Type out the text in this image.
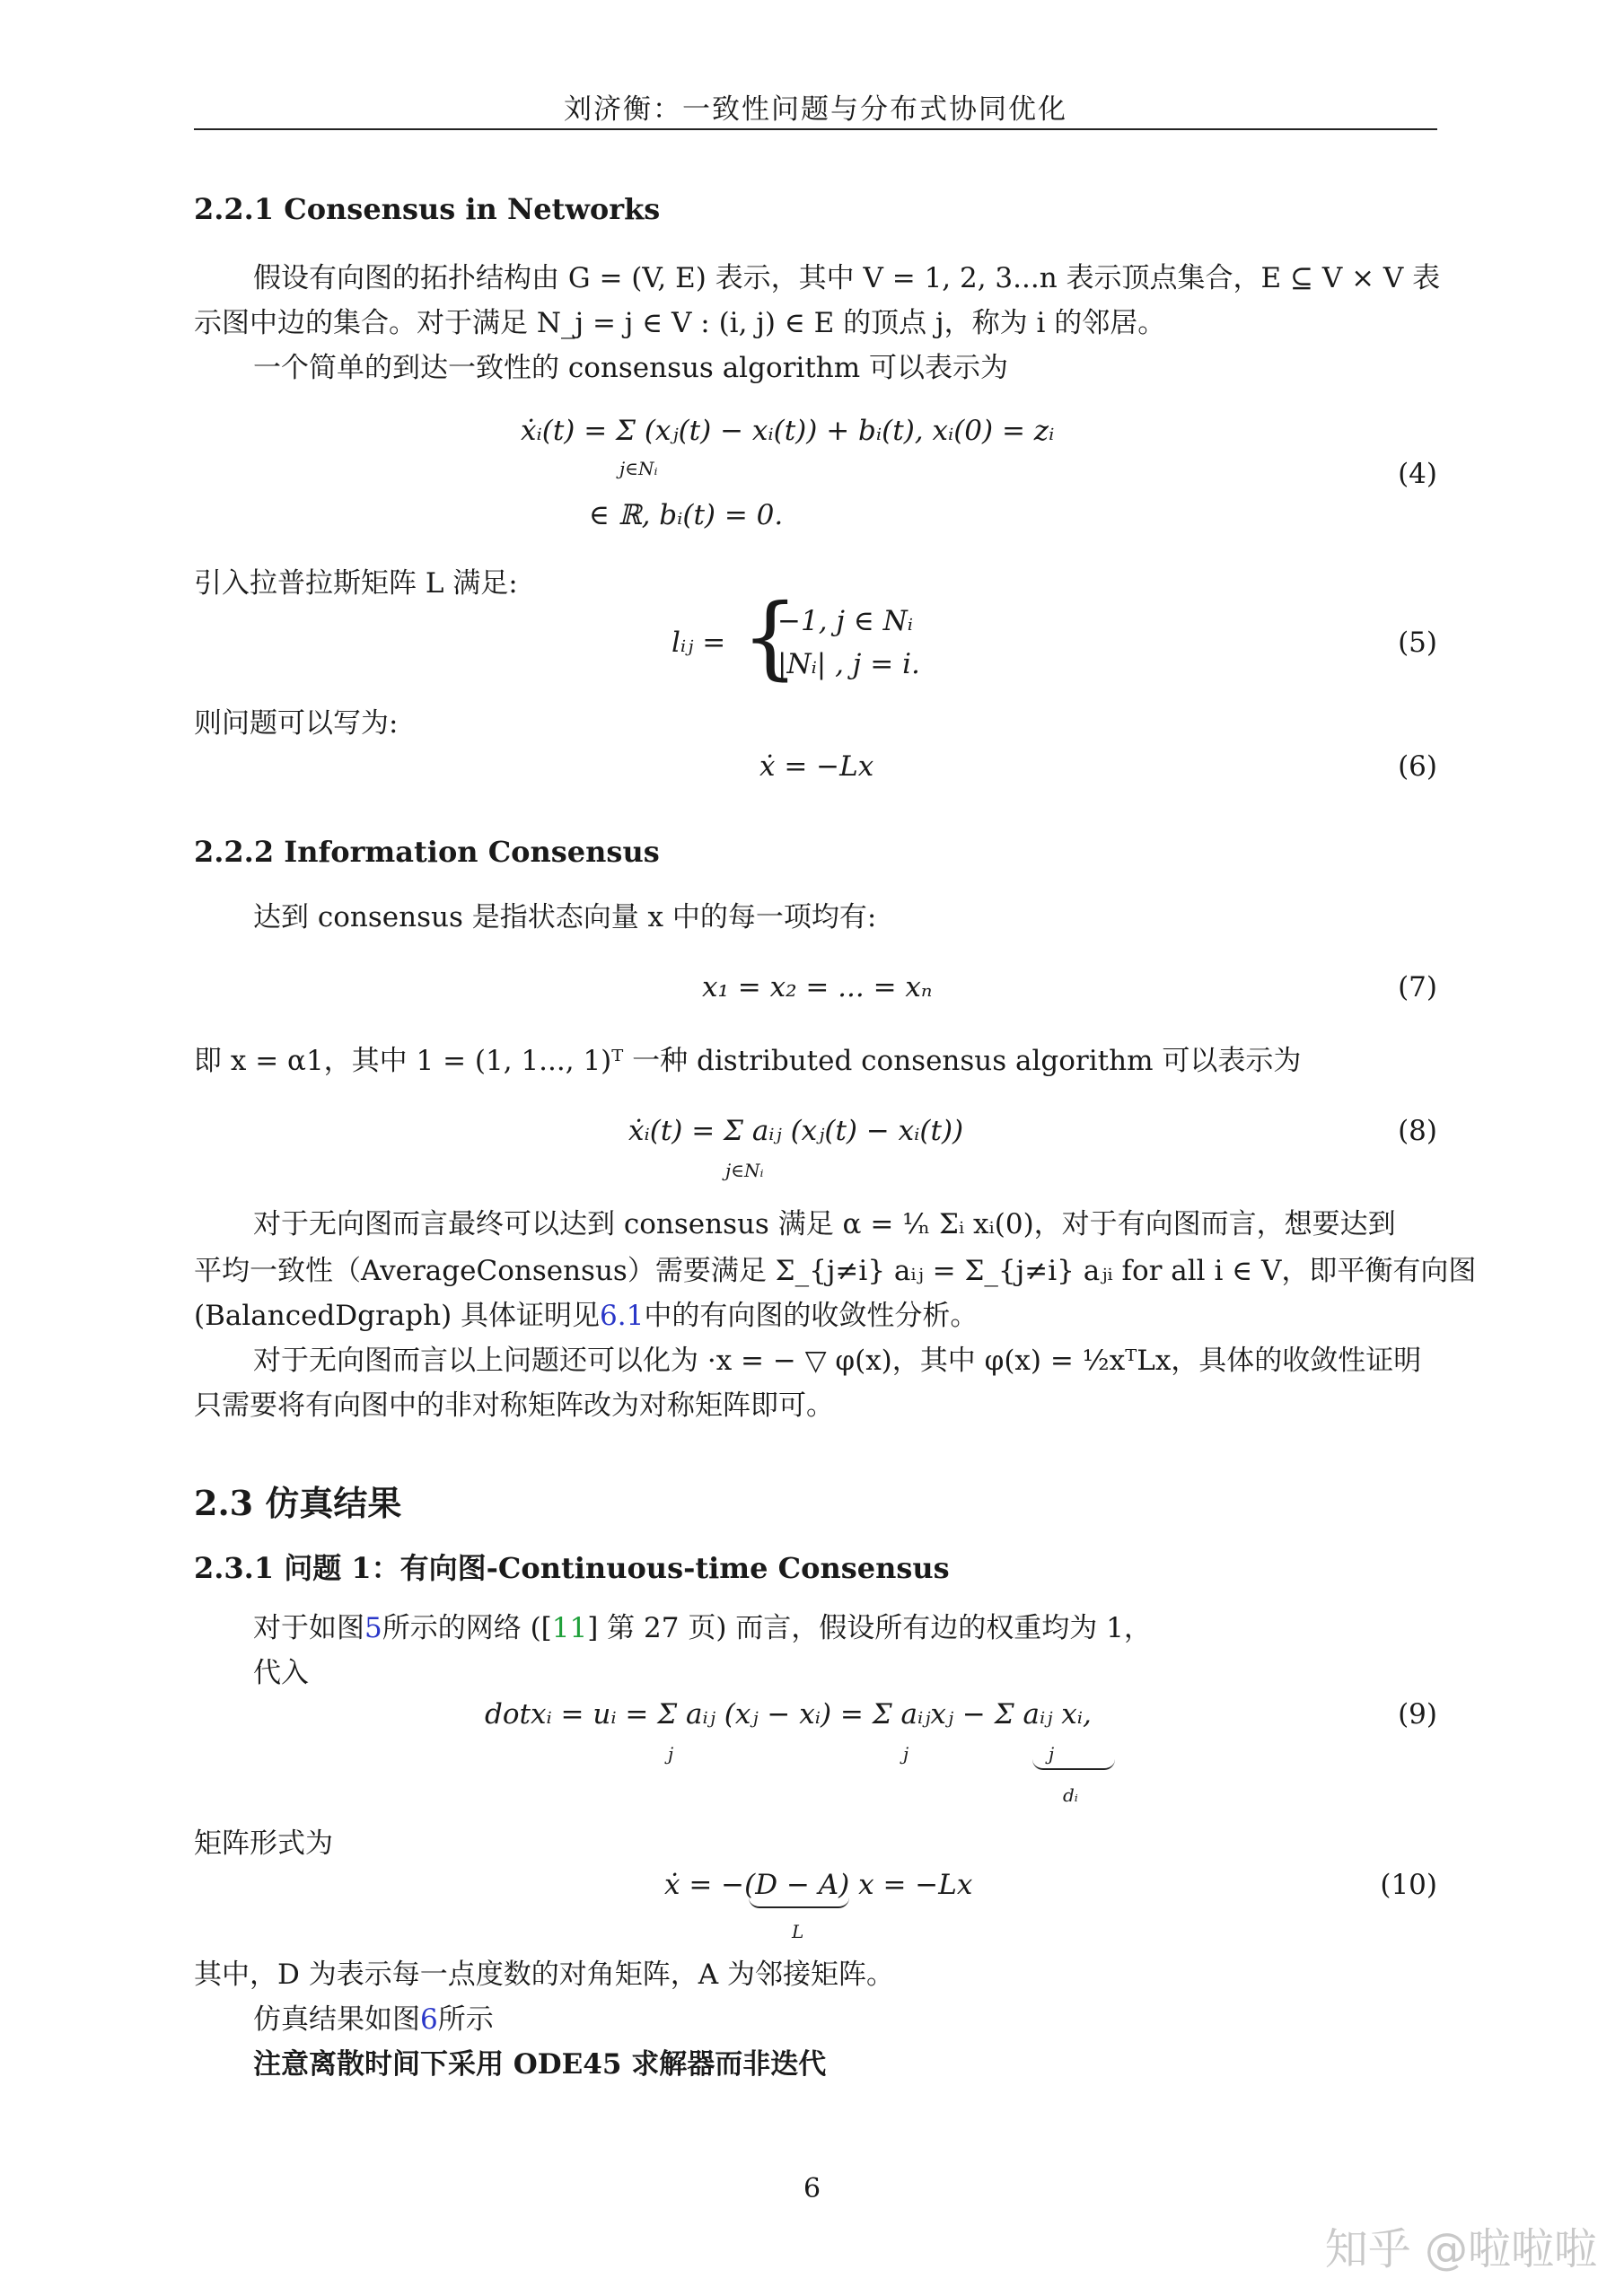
刘济衡：一致性问题与分布式协同优化
2.2.1 Consensus in Networks
假设有向图的拓扑结构由 G = (V, E) 表示，其中 V = 1, 2, 3...n 表示顶点集合，E ⊆ V × V 表
示图中边的集合。对于满足 N_j = j ∈ V : (i, j) ∈ E 的顶点 j，称为 i 的邻居。
一个简单的到达一致性的 consensus algorithm 可以表示为
ẋᵢ(t) = Σ (xⱼ(t) − xᵢ(t)) + bᵢ(t), xᵢ(0) = zᵢ
j∈Nᵢ
∈ ℝ, bᵢ(t) = 0.
(4)
引入拉普拉斯矩阵 L 满足:
lᵢⱼ = {
−1, j ∈ Nᵢ
|Nᵢ| , j = i.
(5)
则问题可以写为:
ẋ = −Lx	(6)
2.2.2 Information Consensus
达到 consensus 是指状态向量 x 中的每一项均有:
x₁ = x₂ = ... = xₙ	(7)
即 x = α1，其中 1 = (1, 1..., 1)ᵀ 一种 distributed consensus algorithm 可以表示为
ẋᵢ(t) = Σ aᵢⱼ (xⱼ(t) − xᵢ(t))
j∈Nᵢ
(8)
对于无向图而言最终可以达到 consensus 满足 α = ¹⁄ₙ Σᵢ xᵢ(0)，对于有向图而言，想要达到
平均一致性（AverageConsensus）需要满足 Σ_{j≠i} aᵢⱼ = Σ_{j≠i} aⱼᵢ for all i ∈ V，即平衡有向图
(BalancedDgraph) 具体证明见6.1中的有向图的收敛性分析。
对于无向图而言以上问题还可以化为 ·x = − ▽ φ(x)，其中 φ(x) = ½xᵀLx，具体的收敛性证明
只需要将有向图中的非对称矩阵改为对称矩阵即可。
2.3 仿真结果
2.3.1 问题 1：有向图-Continuous-time Consensus
对于如图5所示的网络 ([11] 第 27 页) 而言，假设所有边的权重均为 1，
代入
dotxᵢ = uᵢ = Σ aᵢⱼ (xⱼ − xᵢ) = Σ aᵢⱼxⱼ − Σ aᵢⱼ xᵢ,
j	j	j
dᵢ
(9)
矩阵形式为
ẋ = −(D − A) x = −Lx
L
(10)
其中，D 为表示每一点度数的对角矩阵，A 为邻接矩阵。
仿真结果如图6所示
注意离散时间下采用 ODE45 求解器而非迭代
6
知乎 @啦啦啦
